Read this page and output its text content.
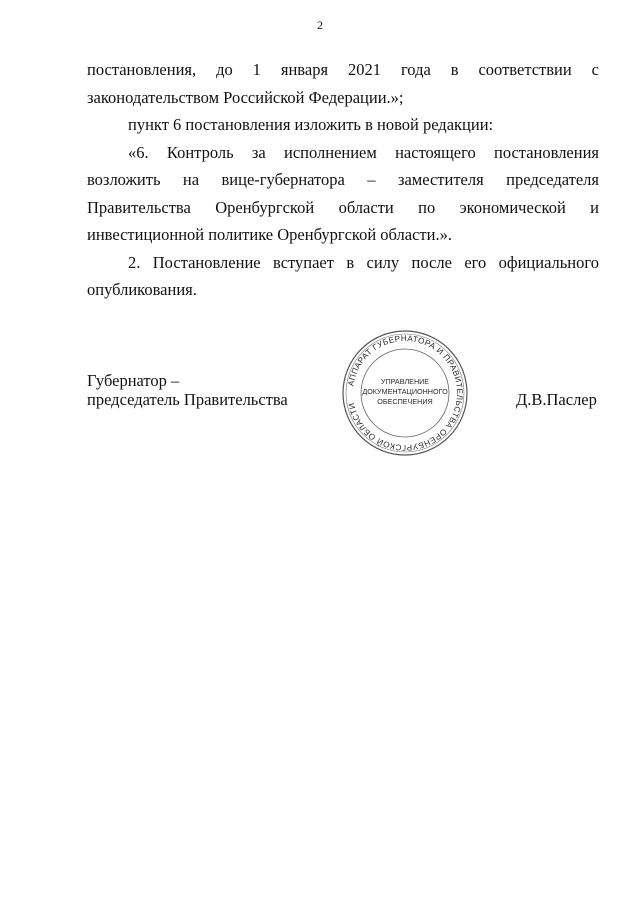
2

постановления, до 1 января 2021 года в соответствии с законодательством Российской Федерации.»;

пункт 6 постановления изложить в новой редакции:

«6. Контроль за исполнением настоящего постановления возложить на вице-губернатора – заместителя председателя Правительства Оренбургской области по экономической и инвестиционной политике Оренбургской области.».

2. Постановление вступает в силу после его официального опубликования.

Губернатор –
председатель Правительства
АППАРАТ ГУБЕРНАТОРА И ПРАВИТЕЛЬСТВА ОРЕНБУРГСКОЙ ОБЛАСТИ
УПРАВЛЕНИЕ
ДОКУМЕНТАЦИОННОГО
ОБЕСПЕЧЕНИЯ	Д.В.Паслер
